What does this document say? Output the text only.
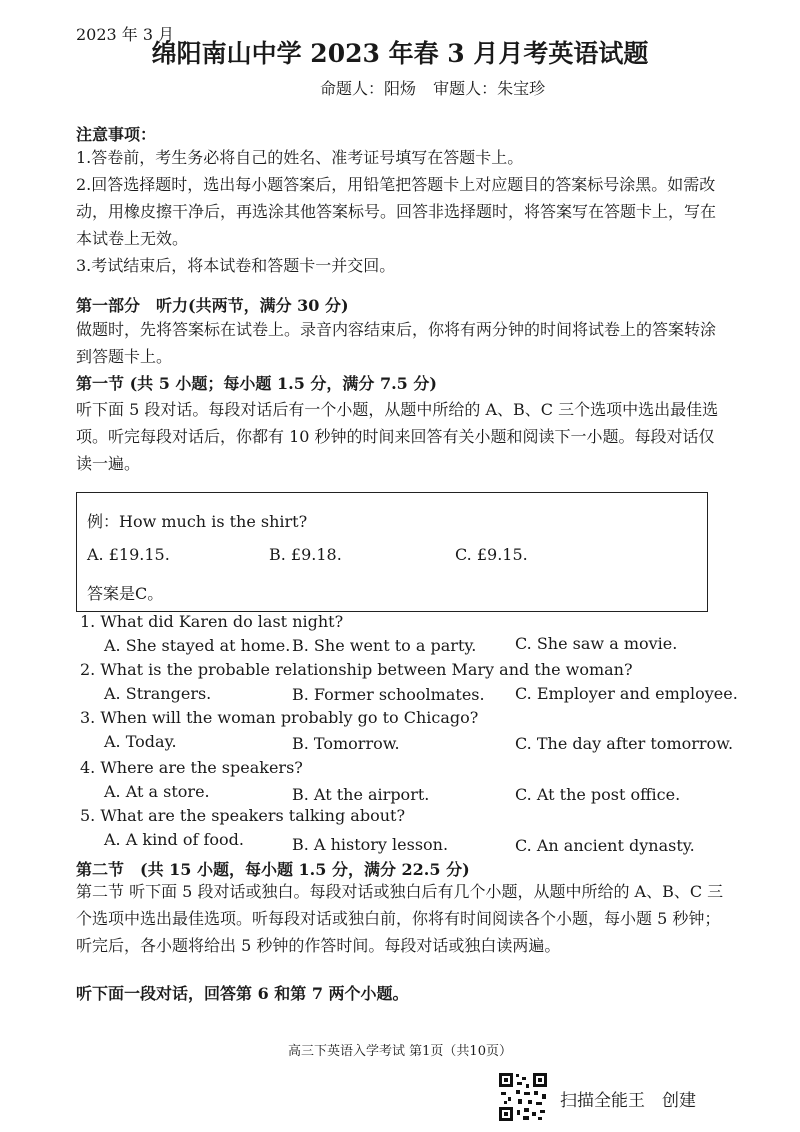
2023 年 3 月
绵阳南山中学 2023 年春 3 月月考英语试题
命题人：阳炀 审题人：朱宝珍
注意事项：
1.答卷前，考生务必将自己的姓名、准考证号填写在答题卡上。
2.回答选择题时，选出每小题答案后，用铅笔把答题卡上对应题目的答案标号涂黑。如需改动，用橡皮擦干净后，再选涂其他答案标号。回答非选择题时，将答案写在答题卡上，写在本试卷上无效。
3.考试结束后，将本试卷和答题卡一并交回。
第一部分　听力(共两节，满分 30 分)
做题时，先将答案标在试卷上。录音内容结束后，你将有两分钟的时间将试卷上的答案转涂到答题卡上。
第一节 (共 5 小题；每小题 1.5 分，满分 7.5 分)
听下面 5 段对话。每段对话后有一个小题，从题中所给的 A、B、C 三个选项中选出最佳选项。听完每段对话后，你都有 10 秒钟的时间来回答有关小题和阅读下一小题。每段对话仅读一遍。
例：How much is the shirt?
A. £19.15.	B. £9.18.	C. £9.15.
答案是C。
1. What did Karen do last night?
A. She stayed at home. B. She went to a party. C. She saw a movie.
2. What is the probable relationship between Mary and the woman?
A. Strangers.	B. Former schoolmates. C. Employer and employee.
3. When will the woman probably go to Chicago?
A. Today.	B. Tomorrow.	C. The day after tomorrow.
4. Where are the speakers?
A. At a store.	B. At the airport.	C. At the post office.
5. What are the speakers talking about?
A. A kind of food.	B. A history lesson.	C. An ancient dynasty.
第二节　(共 15 小题，每小题 1.5 分，满分 22.5 分)
第二节 听下面 5 段对话或独白。每段对话或独白后有几个小题，从题中所给的 A、B、C 三个选项中选出最佳选项。听每段对话或独白前，你将有时间阅读各个小题，每小题 5 秒钟；听完后，各小题将给出 5 秒钟的作答时间。每段对话或独白读两遍。
听下面一段对话，回答第 6 和第 7 两个小题。
高三下英语入学考试 第1页（共10页）
扫描全能王　创建
